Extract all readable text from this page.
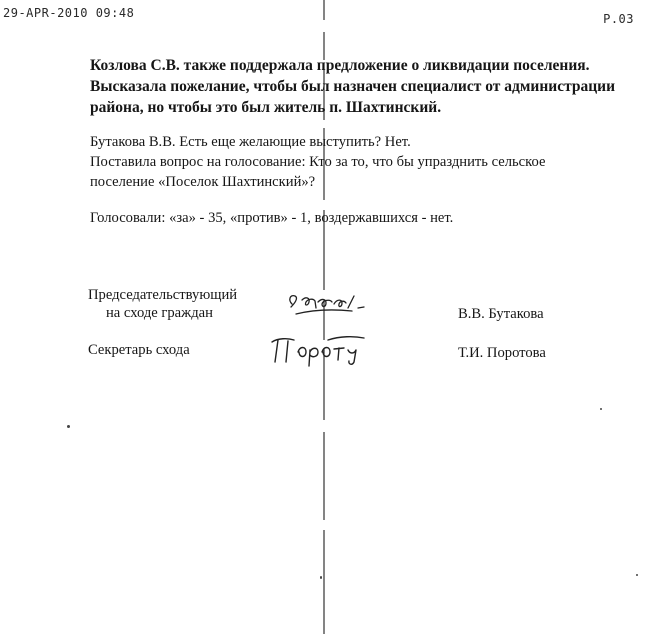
29-APR-2010 09:48	P.03
Козлова С.В. также поддержала предложение о ликвидации поселения.
Высказала пожелание, чтобы был назначен специалист от администрации
района, но чтобы это был житель п. Шахтинский.
Бутакова В.В. Есть еще желающие выступить? Нет.
Поставила вопрос на голосование: Кто за то, что бы упразднить сельское
поселение «Поселок Шахтинский»?
Голосовали: «за» - 35, «против» - 1, воздержавшихся - нет.
Председательствующий
на сходе граждан	В.В. Бутакова
Секретарь схода	Т.И. Поротова
